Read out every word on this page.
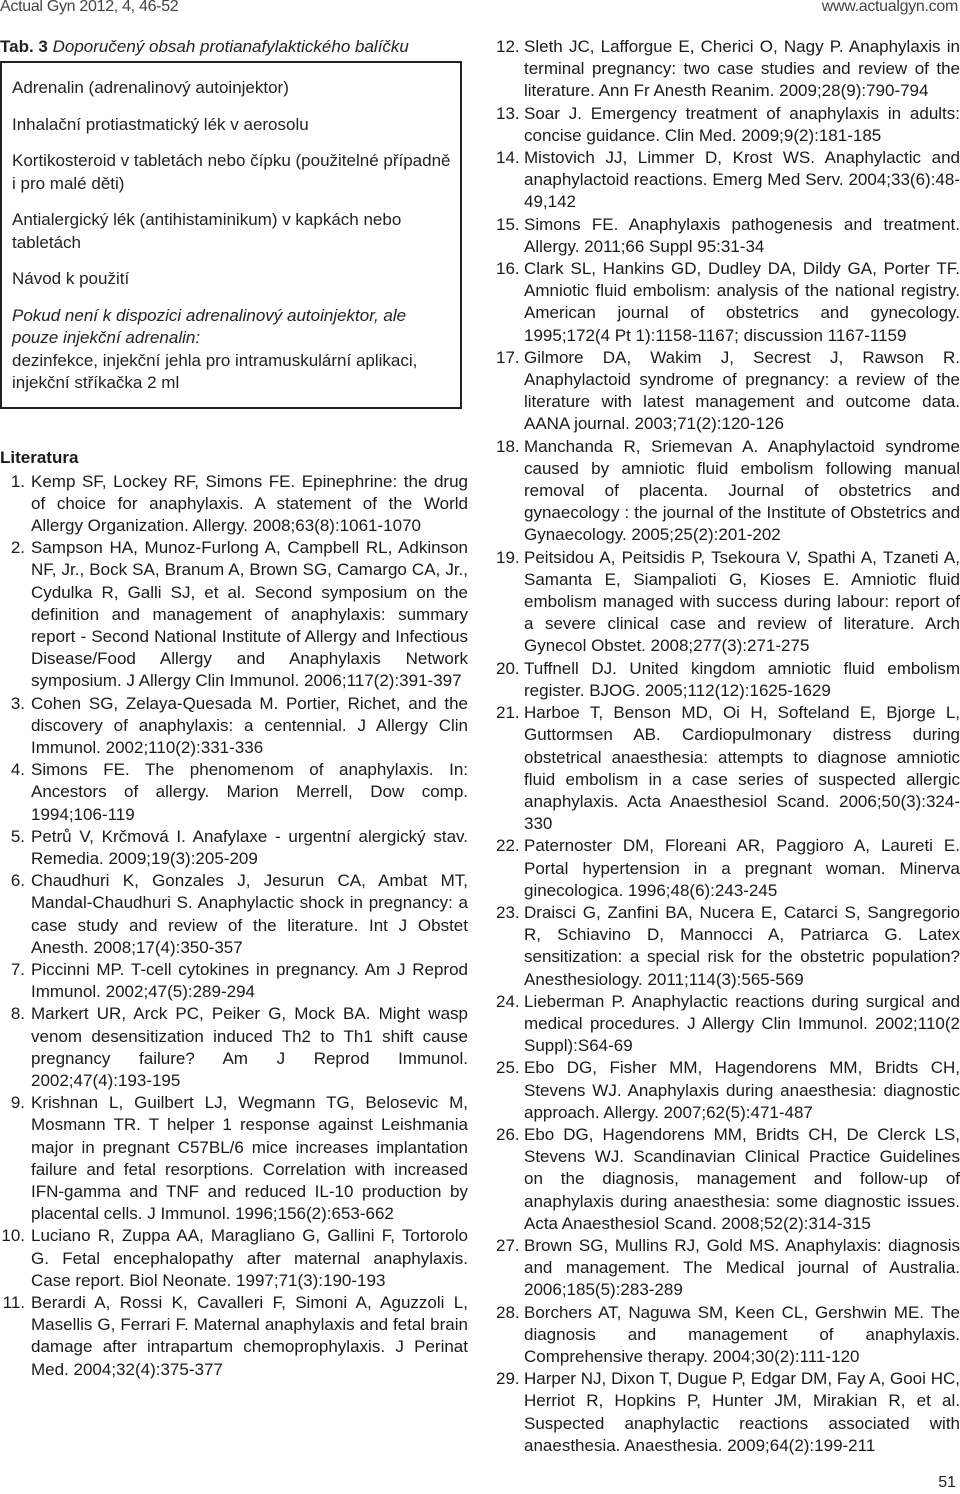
Actual Gyn 2012, 4, 46-52	www.actualgyn.com

Tab. 3 Doporučený obsah protianafylaktického balíčku

Adrenalin (adrenalinový autoinjektor)

Inhalační protiastmatický lék v aerosolu

Kortikosteroid v tabletách nebo čípku (použitelné případně i pro malé děti)

Antialergický lék (antihistaminikum) v kapkách nebo tabletách

Návod k použití

Pokud není k dispozici adrenalinový autoinjektor, ale pouze injekční adrenalin:
dezinfekce, injekční jehla pro intramuskulární aplikaci, injekční stříkačka 2 ml

Literatura

1. Kemp SF, Lockey RF, Simons FE. Epinephrine: the drug of choice for anaphylaxis. A statement of the World Allergy Organization. Allergy. 2008;63(8):1061-1070
2. Sampson HA, Munoz-Furlong A, Campbell RL, Adkinson NF, Jr., Bock SA, Branum A, Brown SG, Camargo CA, Jr., Cydulka R, Galli SJ, et al. Second symposium on the definition and management of anaphylaxis: summary report - Second National Institute of Allergy and Infectious Disease/Food Allergy and Anaphylaxis Network symposium. J Allergy Clin Immunol. 2006;117(2):391-397
3. Cohen SG, Zelaya-Quesada M. Portier, Richet, and the discovery of anaphylaxis: a centennial. J Allergy Clin Immunol. 2002;110(2):331-336
4. Simons FE. The phenomenom of anaphylaxis. In: Ancestors of allergy. Marion Merrell, Dow comp. 1994;106-119
5. Petrů V, Krčmová I. Anafylaxe - urgentní alergický stav. Remedia. 2009;19(3):205-209
6. Chaudhuri K, Gonzales J, Jesurun CA, Ambat MT, Mandal-Chaudhuri S. Anaphylactic shock in pregnancy: a case study and review of the literature. Int J Obstet Anesth. 2008;17(4):350-357
7. Piccinni MP. T-cell cytokines in pregnancy. Am J Reprod Immunol. 2002;47(5):289-294
8. Markert UR, Arck PC, Peiker G, Mock BA. Might wasp venom desensitization induced Th2 to Th1 shift cause pregnancy failure? Am J Reprod Immunol. 2002;47(4):193-195
9. Krishnan L, Guilbert LJ, Wegmann TG, Belosevic M, Mosmann TR. T helper 1 response against Leishmania major in pregnant C57BL/6 mice increases implantation failure and fetal resorptions. Correlation with increased IFN-gamma and TNF and reduced IL-10 production by placental cells. J Immunol. 1996;156(2):653-662
10. Luciano R, Zuppa AA, Maragliano G, Gallini F, Tortorolo G. Fetal encephalopathy after maternal anaphylaxis. Case report. Biol Neonate. 1997;71(3):190-193
11. Berardi A, Rossi K, Cavalleri F, Simoni A, Aguzzoli L, Masellis G, Ferrari F. Maternal anaphylaxis and fetal brain damage after intrapartum chemoprophylaxis. J Perinat Med. 2004;32(4):375-377
12. Sleth JC, Lafforgue E, Cherici O, Nagy P. Anaphylaxis in terminal pregnancy: two case studies and review of the literature. Ann Fr Anesth Reanim. 2009;28(9):790-794
13. Soar J. Emergency treatment of anaphylaxis in adults: concise guidance. Clin Med. 2009;9(2):181-185
14. Mistovich JJ, Limmer D, Krost WS. Anaphylactic and anaphylactoid reactions. Emerg Med Serv. 2004;33(6):48-49,142
15. Simons FE. Anaphylaxis pathogenesis and treatment. Allergy. 2011;66 Suppl 95:31-34
16. Clark SL, Hankins GD, Dudley DA, Dildy GA, Porter TF. Amniotic fluid embolism: analysis of the national registry. American journal of obstetrics and gynecology. 1995;172(4 Pt 1):1158-1167; discussion 1167-1159
17. Gilmore DA, Wakim J, Secrest J, Rawson R. Anaphylactoid syndrome of pregnancy: a review of the literature with latest management and outcome data. AANA journal. 2003;71(2):120-126
18. Manchanda R, Sriemevan A. Anaphylactoid syndrome caused by amniotic fluid embolism following manual removal of placenta. Journal of obstetrics and gynaecology : the journal of the Institute of Obstetrics and Gynaecology. 2005;25(2):201-202
19. Peitsidou A, Peitsidis P, Tsekoura V, Spathi A, Tzaneti A, Samanta E, Siampalioti G, Kioses E. Amniotic fluid embolism managed with success during labour: report of a severe clinical case and review of literature. Arch Gynecol Obstet. 2008;277(3):271-275
20. Tuffnell DJ. United kingdom amniotic fluid embolism register. BJOG. 2005;112(12):1625-1629
21. Harboe T, Benson MD, Oi H, Softeland E, Bjorge L, Guttormsen AB. Cardiopulmonary distress during obstetrical anaesthesia: attempts to diagnose amniotic fluid embolism in a case series of suspected allergic anaphylaxis. Acta Anaesthesiol Scand. 2006;50(3):324-330
22. Paternoster DM, Floreani AR, Paggioro A, Laureti E. Portal hypertension in a pregnant woman. Minerva ginecologica. 1996;48(6):243-245
23. Draisci G, Zanfini BA, Nucera E, Catarci S, Sangregorio R, Schiavino D, Mannocci A, Patriarca G. Latex sensitization: a special risk for the obstetric population? Anesthesiology. 2011;114(3):565-569
24. Lieberman P. Anaphylactic reactions during surgical and medical procedures. J Allergy Clin Immunol. 2002;110(2 Suppl):S64-69
25. Ebo DG, Fisher MM, Hagendorens MM, Bridts CH, Stevens WJ. Anaphylaxis during anaesthesia: diagnostic approach. Allergy. 2007;62(5):471-487
26. Ebo DG, Hagendorens MM, Bridts CH, De Clerck LS, Stevens WJ. Scandinavian Clinical Practice Guidelines on the diagnosis, management and follow-up of anaphylaxis during anaesthesia: some diagnostic issues. Acta Anaesthesiol Scand. 2008;52(2):314-315
27. Brown SG, Mullins RJ, Gold MS. Anaphylaxis: diagnosis and management. The Medical journal of Australia. 2006;185(5):283-289
28. Borchers AT, Naguwa SM, Keen CL, Gershwin ME. The diagnosis and management of anaphylaxis. Comprehensive therapy. 2004;30(2):111-120
29. Harper NJ, Dixon T, Dugue P, Edgar DM, Fay A, Gooi HC, Herriot R, Hopkins P, Hunter JM, Mirakian R, et al. Suspected anaphylactic reactions associated with anaesthesia. Anaesthesia. 2009;64(2):199-211
51
